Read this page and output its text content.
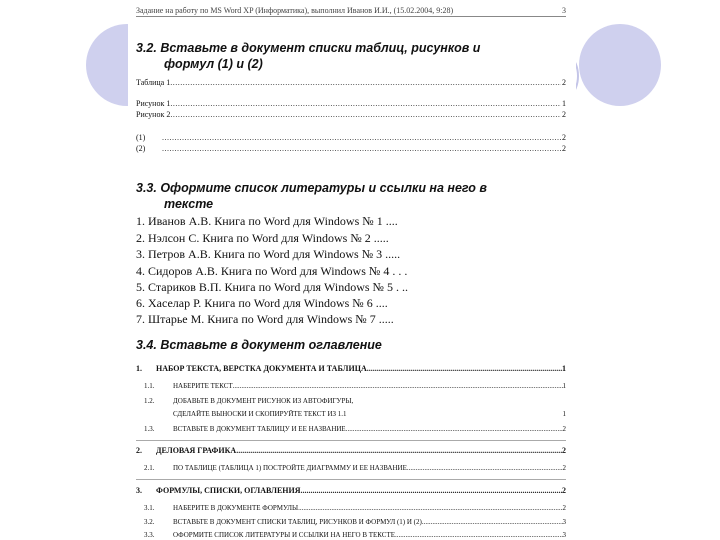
Задание на работу по MS Word XP (Информатика), выполнил Иванов И.И., (15.02.2004, 9:28)	3
3.2. Вставьте в документ списки таблиц, рисунков и
формул (1) и (2)
Таблица 1 .....	2
Рисунок 1 .....	1
Рисунок 2 .....	2
(1) .....	2
(2) .....	2
3.3. Оформите список литературы и ссылки на него в
тексте
1. Иванов А.В. Книга по Word для Windows № 1 ....
2. Нэлсон С. Книга по Word для Windows № 2 .....
3. Петров А.В. Книга по Word для Windows № 3 .....
4. Сидоров А.В. Книга по Word для Windows № 4 . . .
5. Стариков В.П. Книга по Word для Windows № 5 . ..
6. Хаселар Р. Книга по Word для Windows № 6 ....
7. Штарье М. Книга по Word для Windows № 7 .....
3.4. Вставьте в документ оглавление
1.	НАБОР ТЕКСТА, ВЕРСТКА ДОКУМЕНТА И ТАБЛИЦА .....	1
1.1.	НАБЕРИТЕ ТЕКСТ .....	1
1.2.	ДОБАВЬТЕ В ДОКУМЕНТ РИСУНОК ИЗ АВТОФИГУРЫ,
СДЕЛАЙТЕ ВЫНОСКИ И СКОПИРУЙТЕ ТЕКСТ ИЗ 1.1	1
1.3.	ВСТАВЬТЕ В ДОКУМЕНТ ТАБЛИЦУ И ЕЕ НАЗВАНИЕ .....	2
2.	ДЕЛОВАЯ ГРАФИКА .....	2
2.1.	ПО ТАБЛИЦЕ (ТАБЛИЦА 1) ПОСТРОЙТЕ ДИАГРАММУ И ЕЕ НАЗВАНИЕ .....	2
3.	ФОРМУЛЫ, СПИСКИ, ОГЛАВЛЕНИЯ .....	2
3.1.	НАБЕРИТЕ В ДОКУМЕНТЕ ФОРМУЛЫ .....	2
3.2.	ВСТАВЬТЕ В ДОКУМЕНТ СПИСКИ ТАБЛИЦ, РИСУНКОВ И ФОРМУЛ (1) И (2) .....	3
3.3.	ОФОРМИТЕ СПИСОК ЛИТЕРАТУРЫ И ССЫЛКИ НА НЕГО В ТЕКСТЕ .....	3
